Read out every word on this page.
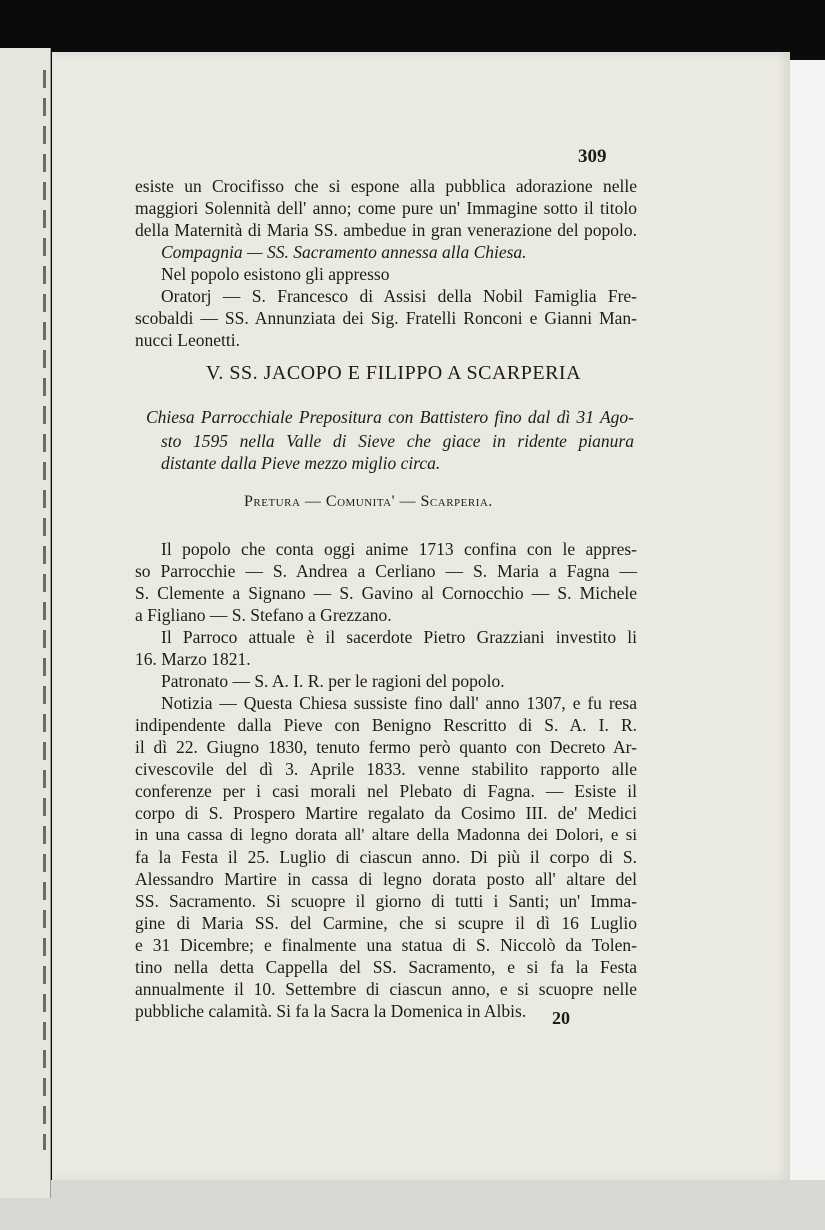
309
esiste un Crocifisso che si espone alla pubblica adorazione nelle
maggiori Solennità dell' anno; come pure un' Immagine sotto il titolo
della Maternità di Maria SS. ambedue in gran venerazione del popolo.
Compagnia — SS. Sacramento annessa alla Chiesa.
Nel popolo esistono gli appresso
Oratorj — S. Francesco di Assisi della Nobil Famiglia Fre-
scobaldi — SS. Annunziata dei Sig. Fratelli Ronconi e Gianni Man-
nucci Leonetti.
V. SS. JACOPO E FILIPPO A SCARPERIA
Chiesa Parrocchiale Prepositura con Battistero fino dal dì 31 Ago-
sto 1595 nella Valle di Sieve che giace in ridente pianura
distante dalla Pieve mezzo miglio circa.
Pretura — Comunita' — Scarperia.
Il popolo che conta oggi anime 1713 confina con le appres-
so Parrocchie — S. Andrea a Cerliano — S. Maria a Fagna —
S. Clemente a Signano — S. Gavino al Cornocchio — S. Michele
a Figliano — S. Stefano a Grezzano.
Il Parroco attuale è il sacerdote Pietro Grazziani investito li
16. Marzo 1821.
Patronato — S. A. I. R. per le ragioni del popolo.
Notizia — Questa Chiesa sussiste fino dall' anno 1307, e fu resa
indipendente dalla Pieve con Benigno Rescritto di S. A. I. R.
il dì 22. Giugno 1830, tenuto fermo però quanto con Decreto Ar-
civescovile del dì 3. Aprile 1833. venne stabilito rapporto alle
conferenze per i casi morali nel Plebato di Fagna. — Esiste il
corpo di S. Prospero Martire regalato da Cosimo III. de' Medici
in una cassa di legno dorata all' altare della Madonna dei Dolori, e si
fa la Festa il 25. Luglio di ciascun anno. Di più il corpo di S.
Alessandro Martire in cassa di legno dorata posto all' altare del
SS. Sacramento. Si scuopre il giorno di tutti i Santi; un' Imma-
gine di Maria SS. del Carmine, che si scupre il dì 16 Luglio
e 31 Dicembre; e finalmente una statua di S. Niccolò da Tolen-
tino nella detta Cappella del SS. Sacramento, e si fa la Festa
annualmente il 10. Settembre di ciascun anno, e si scuopre nelle
pubbliche calamità. Si fa la Sacra la Domenica in Albis. 20
